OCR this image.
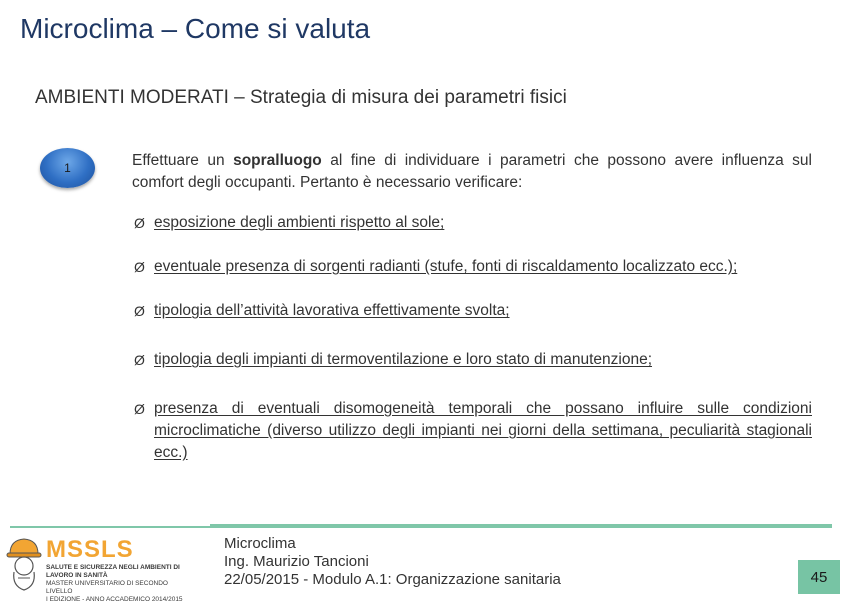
Microclima – Come si valuta
AMBIENTI MODERATI – Strategia di misura dei parametri fisici
1	Effettuare un sopralluogo al fine di individuare i parametri che possono avere influenza sul comfort degli occupanti. Pertanto è necessario verificare:
Ø esposizione degli ambienti rispetto al sole;
Ø eventuale presenza di sorgenti radianti (stufe, fonti di riscaldamento localizzato ecc.);
Ø tipologia dell’attività lavorativa effettivamente svolta;
Ø tipologia degli impianti di termoventilazione e loro stato di manutenzione;
Ø presenza di eventuali disomogeneità temporali che possano influire sulle condizioni microclimatiche (diverso utilizzo degli impianti nei giorni della settimana, peculiarità stagionali ecc.)
MSSLS
SALUTE E SICUREZZA NEGLI AMBIENTI DI LAVORO IN SANITÀ
MASTER UNIVERSITARIO DI SECONDO LIVELLO
I EDIZIONE - ANNO ACCADEMICO 2014/2015
Microclima
Ing. Maurizio Tancioni
22/05/2015 - Modulo A.1: Organizzazione sanitaria	45
